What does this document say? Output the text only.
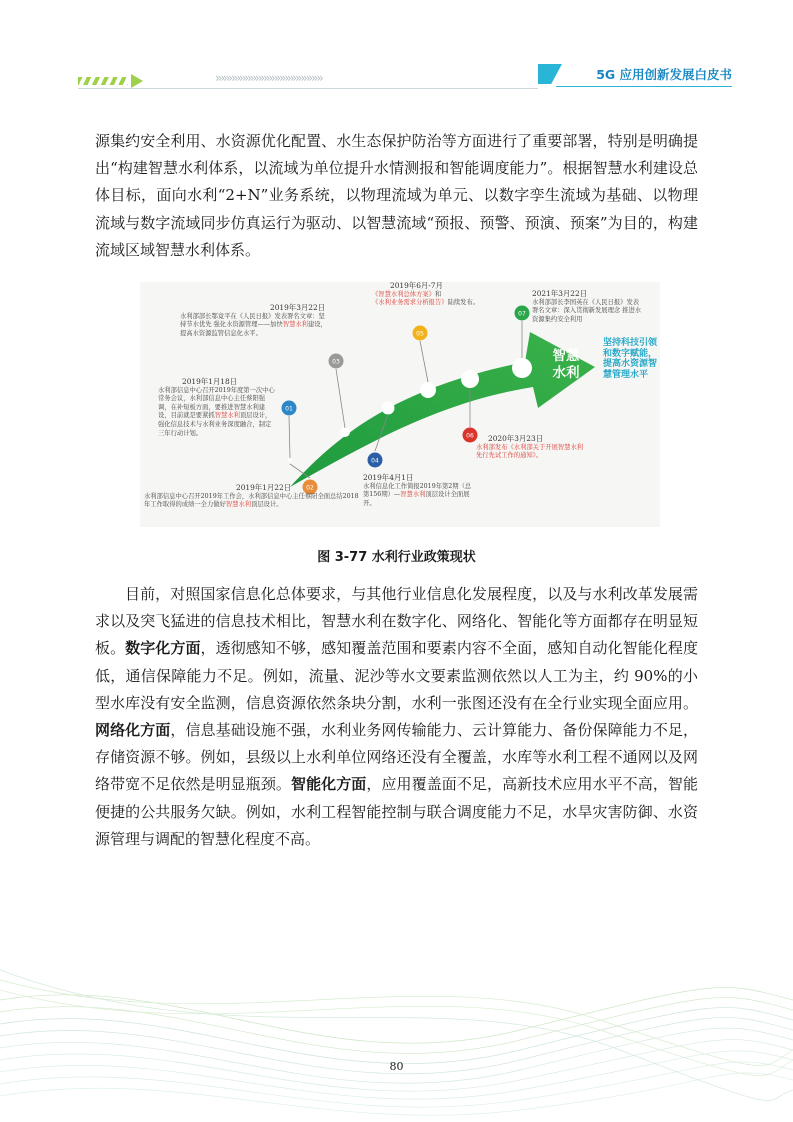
»»»»»»»»»»»»»»»»»»»»	5G 应用创新发展白皮书

源集约安全利用、水资源优化配置、水生态保护防治等方面进行了重要部署，特别是明确提出“构建智慧水利体系，以流域为单位提升水情测报和智能调度能力”。根据智慧水利建设总体目标，面向水利“2+N”业务系统，以物理流域为单元、以数字孪生流域为基础、以物理流域与数字流域同步仿真运行为驱动、以智慧流域“预报、预警、预演、预案”为目的，构建流域区域智慧水利体系。

01
02
03
04
05
06
07
智慧
水利
坚持科技引领和数字赋能，提高水资源智慧管理水平

2019年1月18日
水利部信息中心召开2019年度第一次中心常务会议，水利部信息中心主任蔡阳强调，在补短板方面，要推进智慧水利建设，目前就是要紧抓智慧水利顶层设计，强化信息技术与水利业务深度融合，制定三年行动计划。

2019年1月22日
水利部信息中心召开2019年工作会，水利部信息中心主任蔡阳全面总结2018年工作取得的成绩一全力做好智慧水利顶层设计。

2019年3月22日
水利部部长鄂竟平在《人民日报》发表署名文章：坚持节水优先 强化水资源管理——加快智慧水利建设，提高水资源监管信息化水平。

2019年4月1日
水利信息化工作简报2019年第2期（总第156期）—智慧水利顶层设计全面展开。

2019年6月-7月
《智慧水利总体方案》和
《水利业务需求分析报告》陆续发布。

2020年3月23日
水利部发布《水利部关于开展智慧水利先行先试工作的通知》。

2021年3月22日
水利部部长李国英在《人民日报》发表署名文章：深入贯彻新发展理念 推进水资源集约安全利用

图 3-77 水利行业政策现状

目前，对照国家信息化总体要求，与其他行业信息化发展程度，以及与水利改革发展需求以及突飞猛进的信息技术相比，智慧水利在数字化、网络化、智能化等方面都存在明显短板。数字化方面，透彻感知不够，感知覆盖范围和要素内容不全面，感知自动化智能化程度低，通信保障能力不足。例如，流量、泥沙等水文要素监测依然以人工为主，约 90%的小型水库没有安全监测，信息资源依然条块分割，水利一张图还没有在全行业实现全面应用。网络化方面，信息基础设施不强，水利业务网传输能力、云计算能力、备份保障能力不足，存储资源不够。例如，县级以上水利单位网络还没有全覆盖，水库等水利工程不通网以及网络带宽不足依然是明显瓶颈。智能化方面，应用覆盖面不足，高新技术应用水平不高，智能便捷的公共服务欠缺。例如，水利工程智能控制与联合调度能力不足，水旱灾害防御、水资源管理与调配的智慧化程度不高。

80
